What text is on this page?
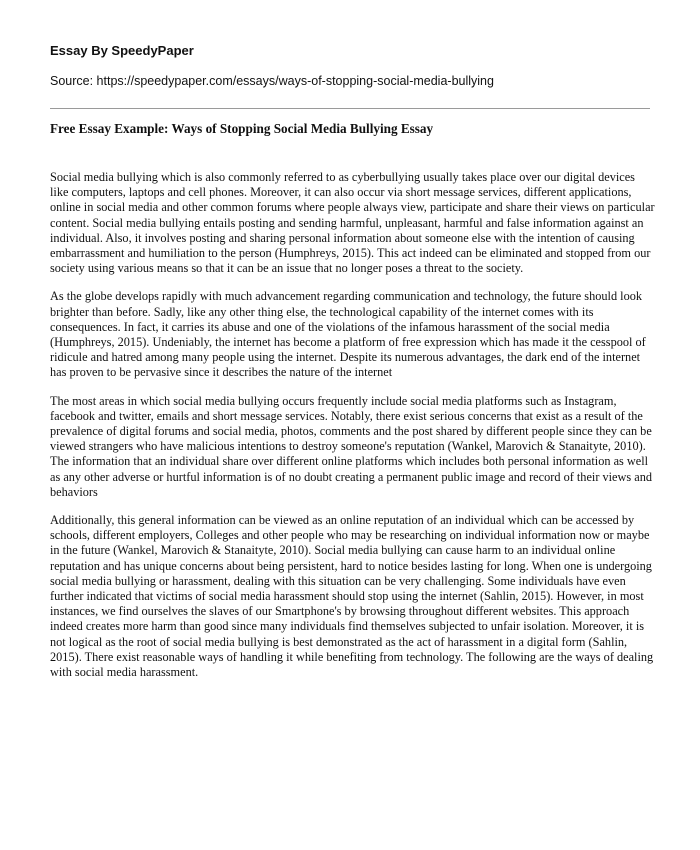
Essay By SpeedyPaper
Source: https://speedypaper.com/essays/ways-of-stopping-social-media-bullying
Free Essay Example: Ways of Stopping Social Media Bullying Essay

Social media bullying which is also commonly referred to as cyberbullying usually takes place over our digital devices like computers, laptops and cell phones. Moreover, it can also occur via short message services, different applications, online in social media and other common forums where people always view, participate and share their views on particular content. Social media bullying entails posting and sending harmful, unpleasant, harmful and false information against an individual. Also, it involves posting and sharing personal information about someone else with the intention of causing embarrassment and humiliation to the person (Humphreys, 2015). This act indeed can be eliminated and stopped from our society using various means so that it can be an issue that no longer poses a threat to the society.

As the globe develops rapidly with much advancement regarding communication and technology, the future should look brighter than before. Sadly, like any other thing else, the technological capability of the internet comes with its consequences. In fact, it carries its abuse and one of the violations of the infamous harassment of the social media (Humphreys, 2015). Undeniably, the internet has become a platform of free expression which has made it the cesspool of ridicule and hatred among many people using the internet. Despite its numerous advantages, the dark end of the internet has proven to be pervasive since it describes the nature of the internet

The most areas in which social media bullying occurs frequently include social media platforms such as Instagram, facebook and twitter, emails and short message services. Notably, there exist serious concerns that exist as a result of the prevalence of digital forums and social media, photos, comments and the post shared by different people since they can be viewed strangers who have malicious intentions to destroy someone's reputation (Wankel, Marovich & Stanaityte, 2010). The information that an individual share over different online platforms which includes both personal information as well as any other adverse or hurtful information is of no doubt creating a permanent public image and record of their views and behaviors

Additionally, this general information can be viewed as an online reputation of an individual which can be accessed by schools, different employers, Colleges and other people who may be researching on individual information now or maybe in the future (Wankel, Marovich & Stanaityte, 2010). Social media bullying can cause harm to an individual online reputation and has unique concerns about being persistent, hard to notice besides lasting for long. When one is undergoing social media bullying or harassment, dealing with this situation can be very challenging. Some individuals have even further indicated that victims of social media harassment should stop using the internet (Sahlin, 2015). However, in most instances, we find ourselves the slaves of our Smartphone's by browsing throughout different websites. This approach indeed creates more harm than good since many individuals find themselves subjected to unfair isolation. Moreover, it is not logical as the root of social media bullying is best demonstrated as the act of harassment in a digital form (Sahlin, 2015). There exist reasonable ways of handling it while benefiting from technology. The following are the ways of dealing with social media harassment.
